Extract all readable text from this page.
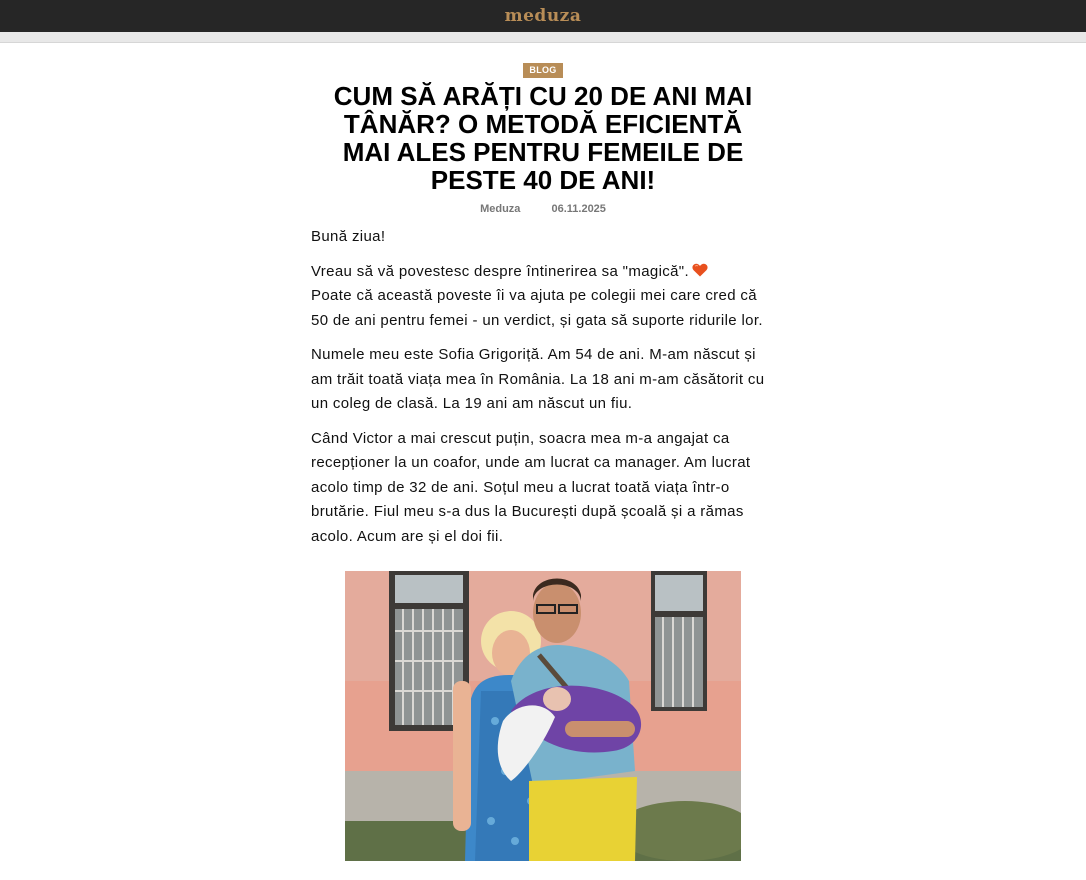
meduza
BLOG
CUM SĂ ARĂȚI CU 20 DE ANI MAI TÂNĂR? O METODĂ EFICIENTĂ MAI ALES PENTRU FEMEILE DE PESTE 40 DE ANI!
Meduza	06.11.2025

Bună ziua!

Vreau să vă povestesc despre întinerirea sa "magică".
Poate că această poveste îi va ajuta pe colegii mei care cred că 50 de ani pentru femei - un verdict, și gata să suporte ridurile lor.

Numele meu este Sofia Grigoriță. Am 54 de ani. M-am născut și am trăit toată viața mea în România. La 18 ani m-am căsătorit cu un coleg de clasă. La 19 ani am născut un fiu.

Când Victor a mai crescut puțin, soacra mea m-a angajat ca recepționer la un coafor, unde am lucrat ca manager. Am lucrat acolo timp de 32 de ani. Soțul meu a lucrat toată viața într-o brutărie. Fiul meu s-a dus la București după școală și a rămas acolo. Acum are și el doi fii.
